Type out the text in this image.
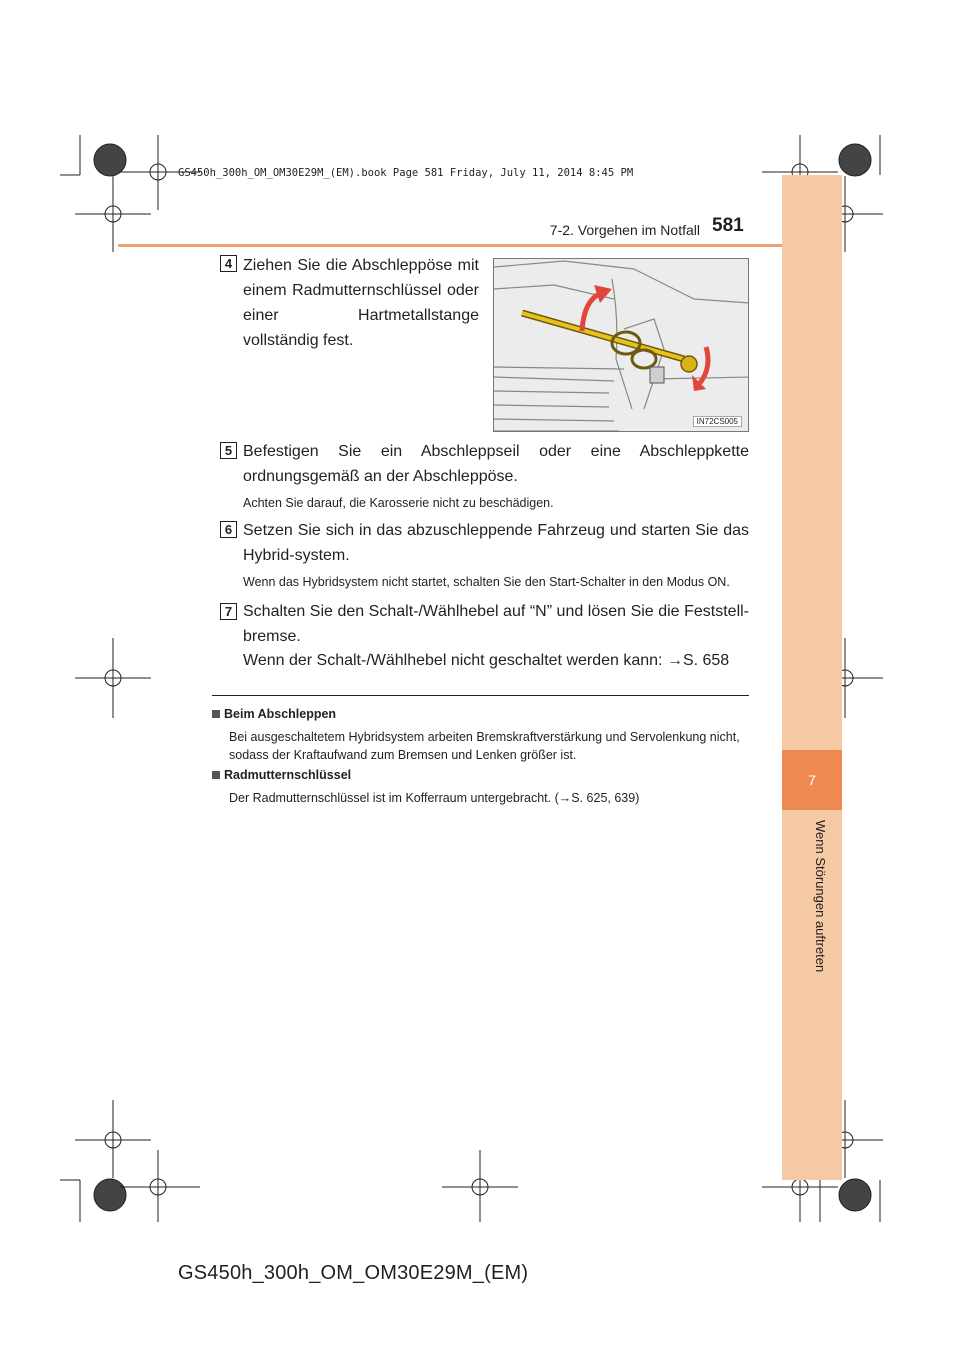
7
Wenn Störungen auftreten
GS450h_300h_OM_OM30E29M_(EM).book Page 581 Friday, July 11, 2014 8:45 PM
7-2. Vorgehen im Notfall 581
4 Ziehen Sie die Abschleppöse mit einem Radmutternschlüssel oder einer Hartmetallstange vollständig fest.
IN72CS005
5 Befestigen Sie ein Abschleppseil oder eine Abschleppkette ordnungsgemäß an der Abschleppöse.
Achten Sie darauf, die Karosserie nicht zu beschädigen.
6 Setzen Sie sich in das abzuschleppende Fahrzeug und starten Sie das Hybrid-system.
Wenn das Hybridsystem nicht startet, schalten Sie den Start-Schalter in den Modus ON.
7 Schalten Sie den Schalt-/Wählhebel auf “N” und lösen Sie die Feststell-bremse.
Wenn der Schalt-/Wählhebel nicht geschaltet werden kann: →S. 658
Beim Abschleppen
Bei ausgeschaltetem Hybridsystem arbeiten Bremskraftverstärkung und Servolenkung nicht, sodass der Kraftaufwand zum Bremsen und Lenken größer ist.
Radmutternschlüssel
Der Radmutternschlüssel ist im Kofferraum untergebracht. (→S. 625, 639)
GS450h_300h_OM_OM30E29M_(EM)
